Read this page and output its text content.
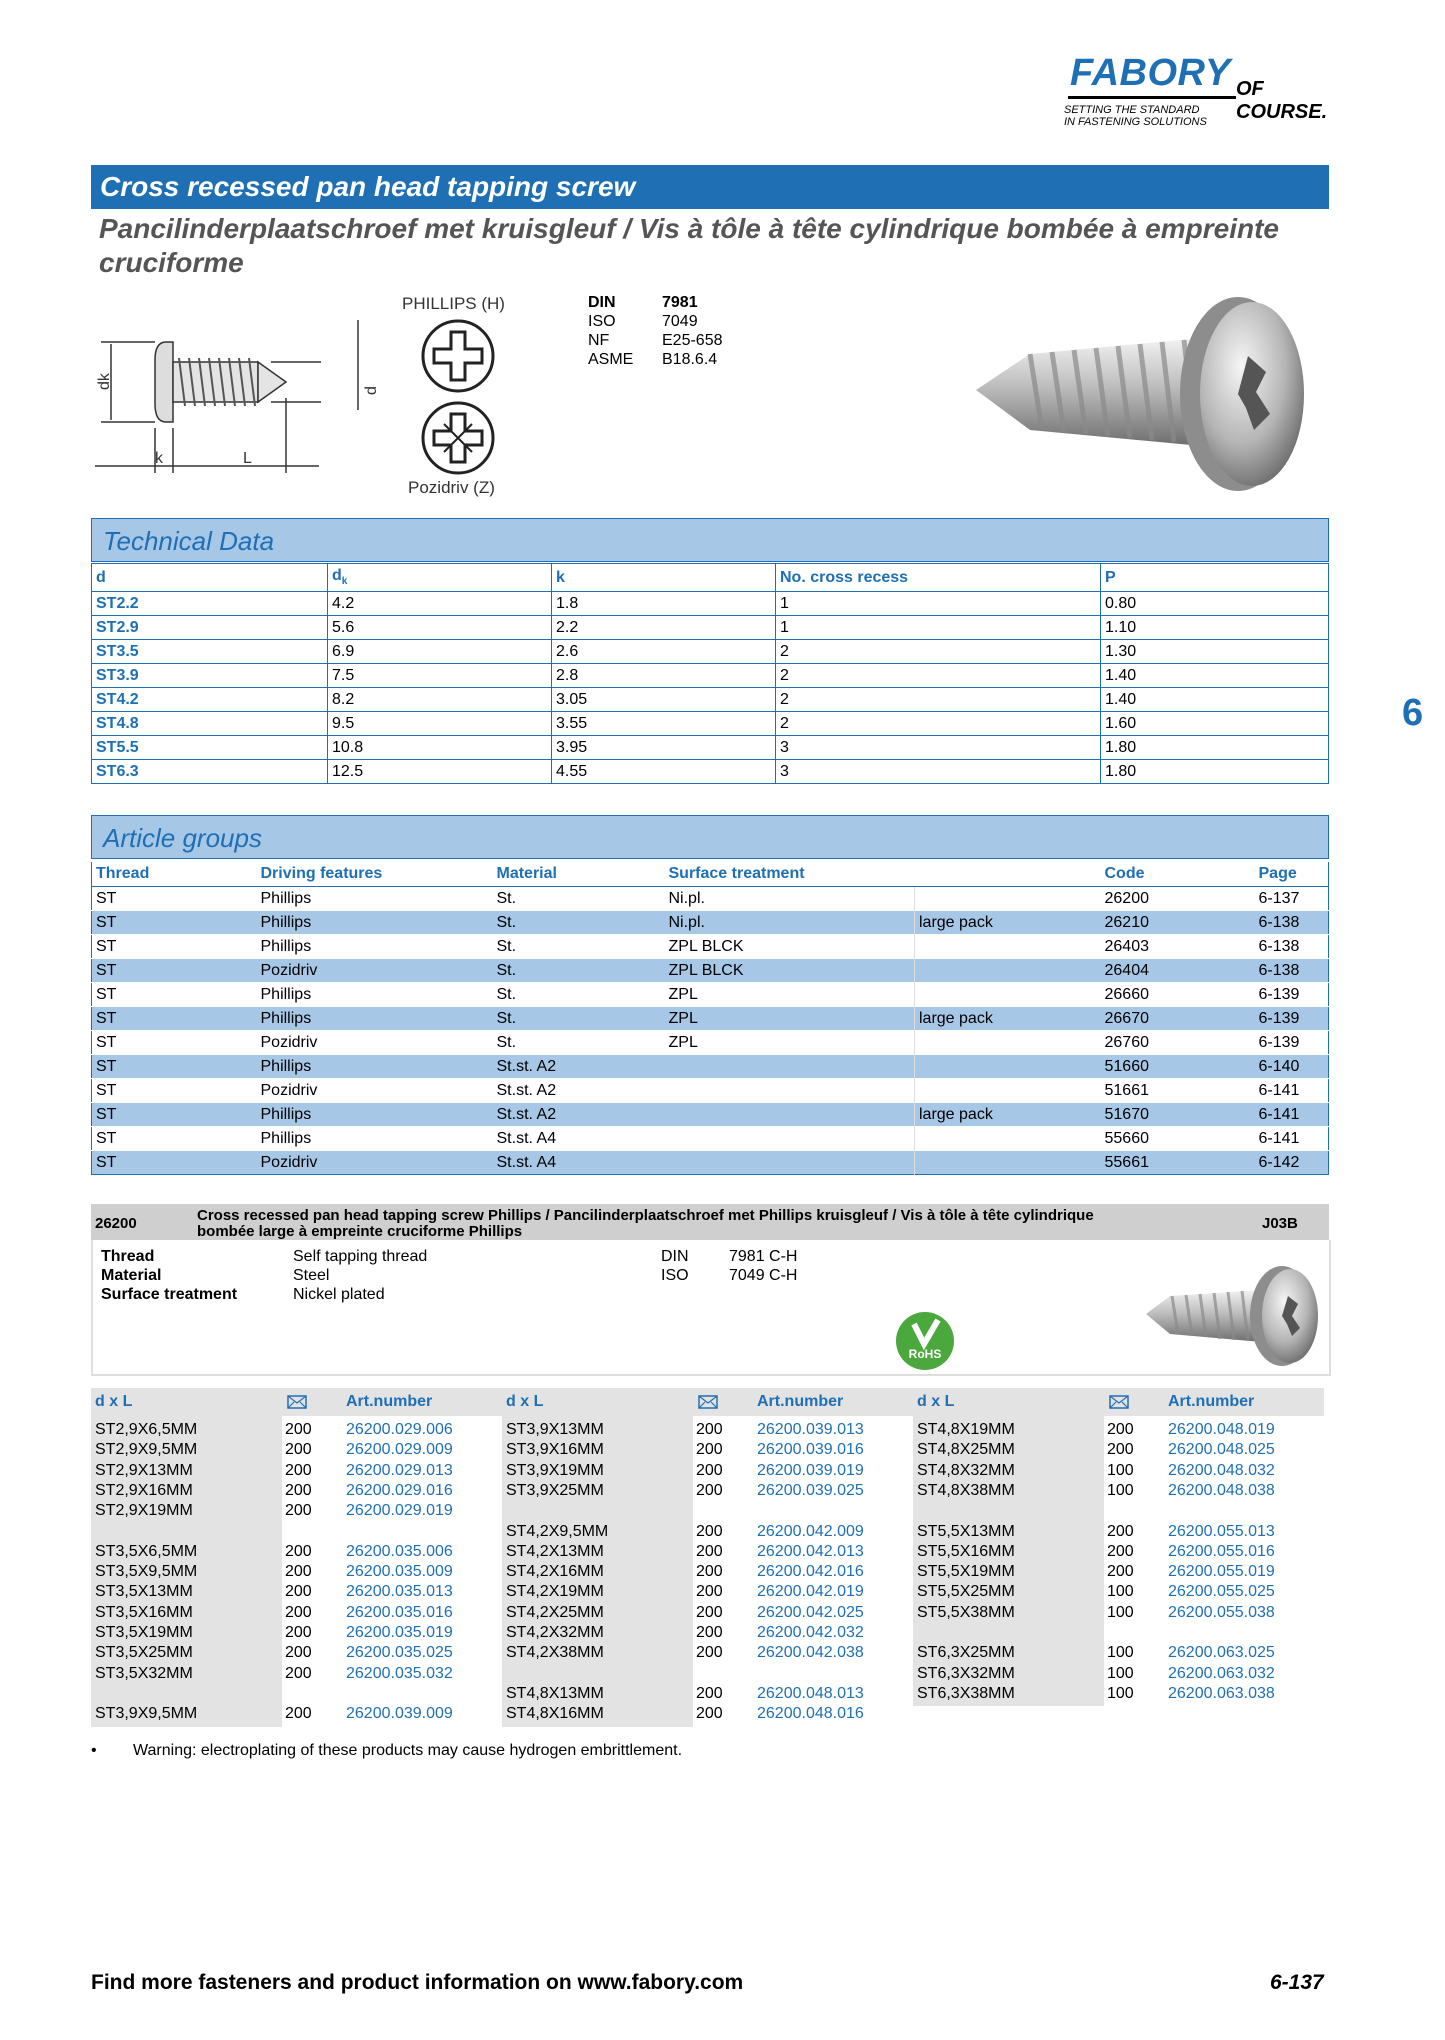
FABORY OF COURSE.
SETTING THE STANDARD
IN FASTENING SOLUTIONS
Cross recessed pan head tapping screw
Pancilinderplaatschroef met kruisgleuf / Vis à tôle à tête cylindrique bombée à empreinte cruciforme
dk
k	L
d
PHILLIPS (H)
Pozidriv (Z)
DIN	7981
ISO	7049
NF	E25-658
ASME B18.6.4
6
Technical Data
d	$d_k$	k	No. cross recess	P
ST2.2	4.2	1.8	1	0.80
ST2.9	5.6	2.2	1	1.10
ST3.5	6.9	2.6	2	1.30
ST3.9	7.5	2.8	2	1.40
ST4.2	8.2	3.05	2	1.40
ST4.8	9.5	3.55	2	1.60
ST5.5	10.8	3.95	3	1.80
ST6.3	12.5	4.55	3	1.80
Article groups
Thread	Driving features	Material	Surface treatment		Code	Page
ST	Phillips	St.	Ni.pl.		26200	6-137
ST	Phillips	St.	Ni.pl.	large pack	26210	6-138
ST	Phillips	St.	ZPL BLCK		26403	6-138
ST	Pozidriv	St.	ZPL BLCK		26404	6-138
ST	Phillips	St.	ZPL		26660	6-139
ST	Phillips	St.	ZPL	large pack	26670	6-139
ST	Pozidriv	St.	ZPL		26760	6-139
ST	Phillips	St.st. A2			51660	6-140
ST	Pozidriv	St.st. A2			51661	6-141
ST	Phillips	St.st. A2		large pack	51670	6-141
ST	Phillips	St.st. A4			55660	6-141
ST	Pozidriv	St.st. A4			55661	6-142
26200	Cross recessed pan head tapping screw Phillips / Pancilinderplaatschroef met Phillips kruisgleuf / Vis à tôle à tête cylindrique
bombée large à empreinte cruciforme Phillips	J03B
Thread	Self tapping thread
Material	Steel
Surface treatment	Nickel plated
DIN	7981 C-H
ISO	7049 C-H
RoHS
d x L	Art.number
ST2,9X6,5MM	200 26200.029.006
ST2,9X9,5MM	200 26200.029.009
ST2,9X13MM	200 26200.029.013
ST2,9X16MM	200 26200.029.016
ST2,9X19MM	200 26200.029.019
ST3,5X6,5MM	200 26200.035.006
ST3,5X9,5MM	200 26200.035.009
ST3,5X13MM	200 26200.035.013
ST3,5X16MM	200 26200.035.016
ST3,5X19MM	200 26200.035.019
ST3,5X25MM	200 26200.035.025
ST3,5X32MM	200 26200.035.032
ST3,9X9,5MM	200 26200.039.009
d x L	Art.number
ST3,9X13MM	200 26200.039.013
ST3,9X16MM	200 26200.039.016
ST3,9X19MM	200 26200.039.019
ST3,9X25MM	200 26200.039.025
ST4,2X9,5MM	200 26200.042.009
ST4,2X13MM	200 26200.042.013
ST4,2X16MM	200 26200.042.016
ST4,2X19MM	200 26200.042.019
ST4,2X25MM	200 26200.042.025
ST4,2X32MM	200 26200.042.032
ST4,2X38MM	200 26200.042.038
ST4,8X13MM	200 26200.048.013
ST4,8X16MM	200 26200.048.016
d x L	Art.number
ST4,8X19MM	200 26200.048.019
ST4,8X25MM	200 26200.048.025
ST4,8X32MM	100 26200.048.032
ST4,8X38MM	100 26200.048.038
ST5,5X13MM	200 26200.055.013
ST5,5X16MM	200 26200.055.016
ST5,5X19MM	200 26200.055.019
ST5,5X25MM	100 26200.055.025
ST5,5X38MM	100 26200.055.038
ST6,3X25MM	100 26200.063.025
ST6,3X32MM	100 26200.063.032
ST6,3X38MM	100 26200.063.038
• Warning: electroplating of these products may cause hydrogen embrittlement.
Find more fasteners and product information on www.fabory.com	6-137
